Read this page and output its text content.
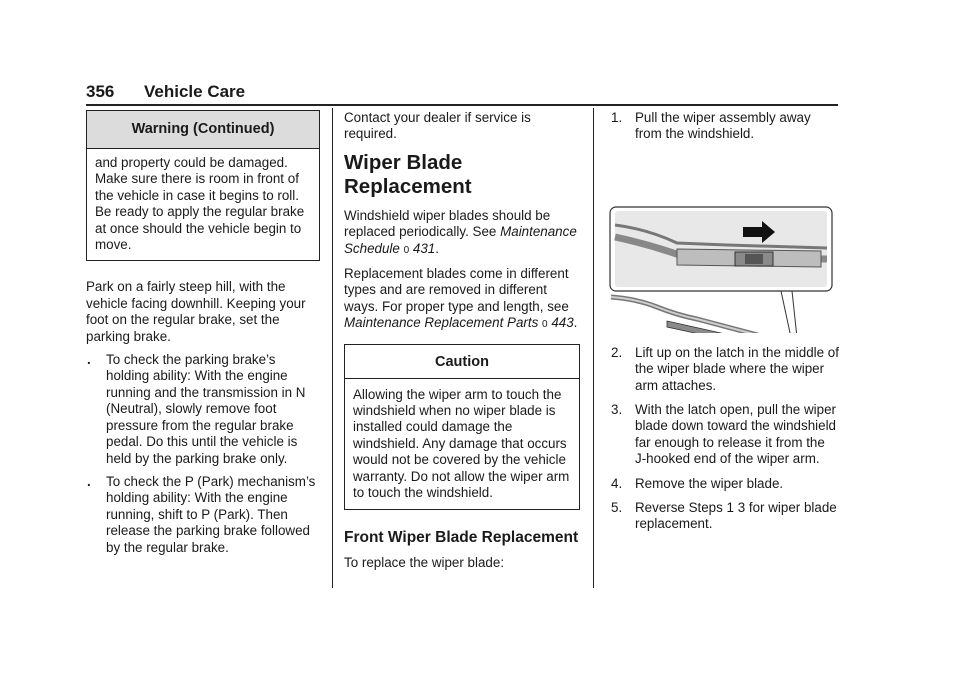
356 Vehicle Care
Warning (Continued)
and property could be damaged. Make sure there is room in front of the vehicle in case it begins to roll. Be ready to apply the regular brake at once should the vehicle begin to move.

Park on a fairly steep hill, with the vehicle facing downhill. Keeping your foot on the regular brake, set the parking brake.

. To check the parking brake’s holding ability: With the engine running and the transmission in N (Neutral), slowly remove foot pressure from the regular brake pedal. Do this until the vehicle is held by the parking brake only.
. To check the P (Park) mechanism’s holding ability: With the engine running, shift to P (Park). Then release the parking brake followed by the regular brake.

Contact your dealer if service is required.

Wiper Blade Replacement

Windshield wiper blades should be replaced periodically. See Maintenance Schedule 0 431.

Replacement blades come in different types and are removed in different ways. For proper type and length, see Maintenance Replacement Parts 0 443.

Caution
Allowing the wiper arm to touch the windshield when no wiper blade is installed could damage the windshield. Any damage that occurs would not be covered by the vehicle warranty. Do not allow the wiper arm to touch the windshield.
Front Wiper Blade Replacement

To replace the wiper blade:

1. Pull the wiper assembly away from the windshield.
2. Lift up on the latch in the middle of the wiper blade where the wiper arm attaches.
3. With the latch open, pull the wiper blade down toward the windshield far enough to release it from the J-hooked end of the wiper arm.
4. Remove the wiper blade.
5. Reverse Steps 1 3 for wiper blade replacement.
